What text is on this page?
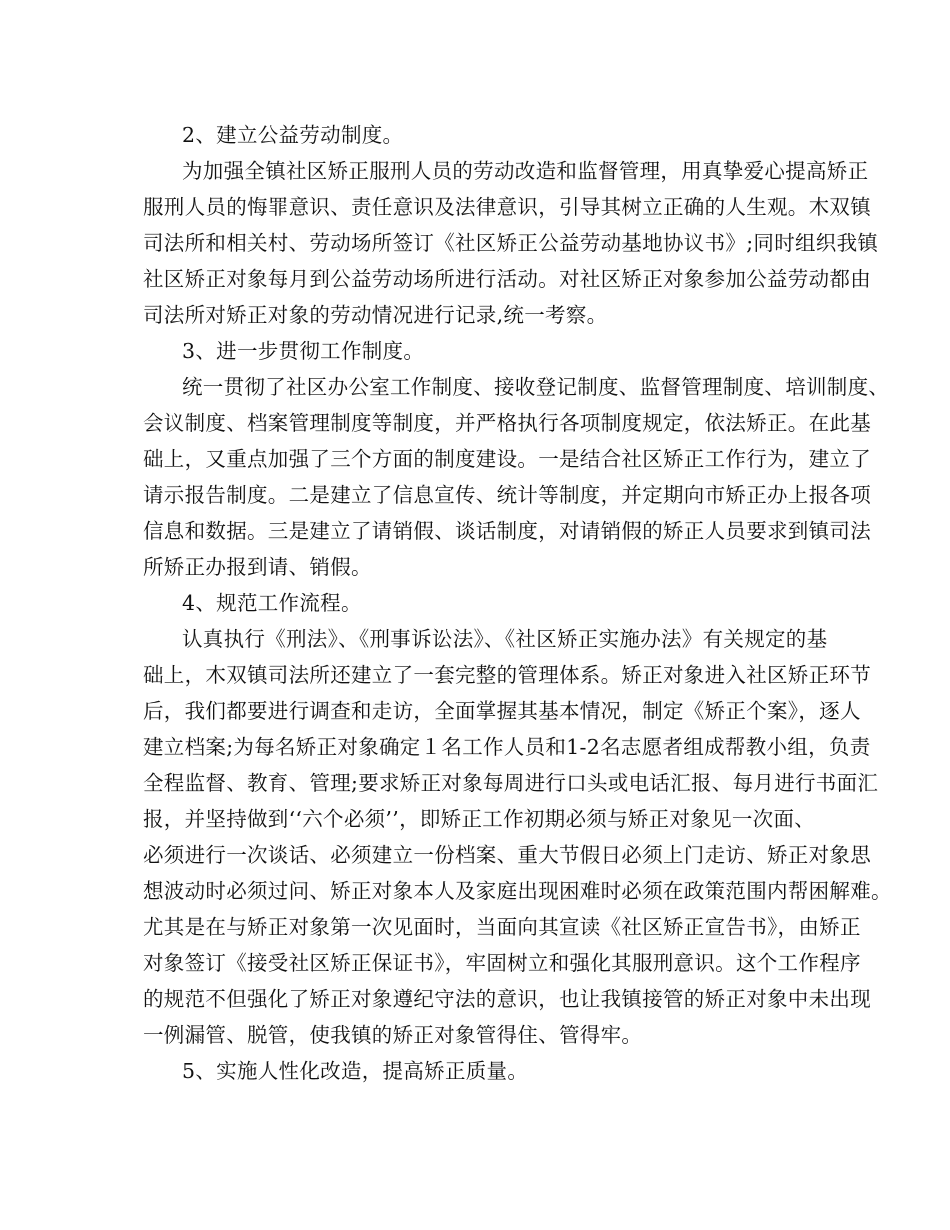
2、建立公益劳动制度。
为加强全镇社区矫正服刑人员的劳动改造和监督管理，用真挚爱心提高矫正
服刑人员的悔罪意识、责任意识及法律意识，引导其树立正确的人生观。木双镇
司法所和相关村、劳动场所签订《社区矫正公益劳动基地协议书》;同时组织我镇
社区矫正对象每月到公益劳动场所进行活动。对社区矫正对象参加公益劳动都由
司法所对矫正对象的劳动情况进行记录,统一考察。
3、进一步贯彻工作制度。
统一贯彻了社区办公室工作制度、接收登记制度、监督管理制度、培训制度、
会议制度、档案管理制度等制度，并严格执行各项制度规定，依法矫正。在此基
础上，又重点加强了三个方面的制度建设。一是结合社区矫正工作行为，建立了
请示报告制度。二是建立了信息宣传、统计等制度，并定期向市矫正办上报各项
信息和数据。三是建立了请销假、谈话制度，对请销假的矫正人员要求到镇司法
所矫正办报到请、销假。
4、规范工作流程。
认真执行《刑法》、《刑事诉讼法》、《社区矫正实施办法》有关规定的基
础上，木双镇司法所还建立了一套完整的管理体系。矫正对象进入社区矫正环节
后，我们都要进行调查和走访，全面掌握其基本情况，制定《矫正个案》，逐人
建立档案;为每名矫正对象确定１名工作人员和1-2名志愿者组成帮教小组，负责
全程监督、教育、管理;要求矫正对象每周进行口头或电话汇报、每月进行书面汇
报，并坚持做到‘‘六个必须’’，即矫正工作初期必须与矫正对象见一次面、
必须进行一次谈话、必须建立一份档案、重大节假日必须上门走访、矫正对象思
想波动时必须过问、矫正对象本人及家庭出现困难时必须在政策范围内帮困解难。
尤其是在与矫正对象第一次见面时，当面向其宣读《社区矫正宣告书》，由矫正
对象签订《接受社区矫正保证书》，牢固树立和强化其服刑意识。这个工作程序
的规范不但强化了矫正对象遵纪守法的意识，也让我镇接管的矫正对象中未出现
一例漏管、脱管，使我镇的矫正对象管得住、管得牢。
5、实施人性化改造，提高矫正质量。
